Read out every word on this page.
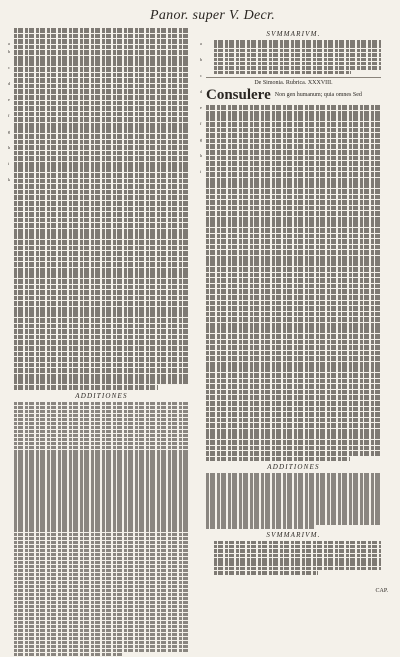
Panor. super V. Decr.
a
b

c

d

e

f

g

h

i

k
a

b

c

d

e

f

g

h

i
ADDITIONES
SVMMARIVM.
De Simonia. Rubrica. XXXVIII.
Consulere Non gen humanum; quia omnes Sed
ADDITIONES
SVMMARIVM.
CAP.
